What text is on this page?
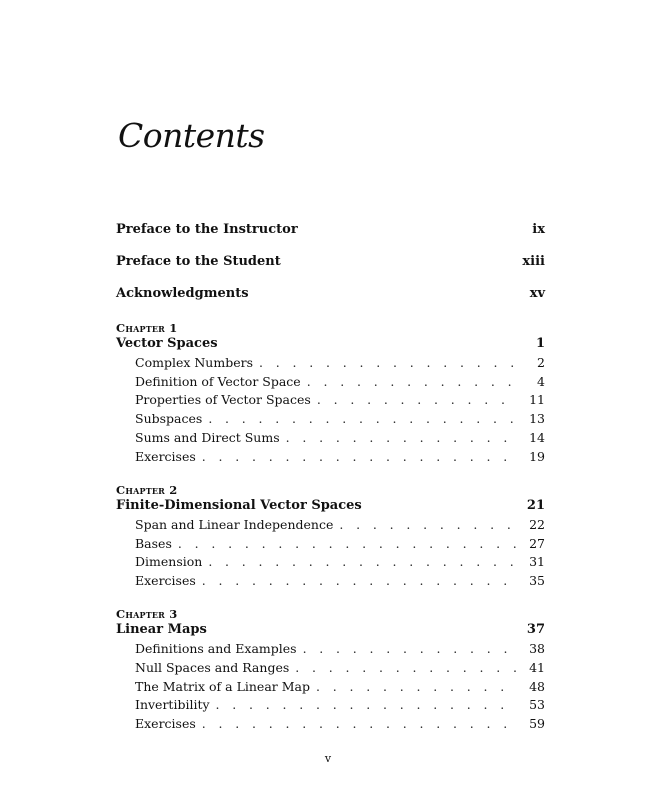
Contents
Preface to the Instructor	ix
Preface to the Student	xiii
Acknowledgments	xv
Chapter 1
Vector Spaces	1
Complex Numbers . . .	2
Definition of Vector Space . . .	4
Properties of Vector Spaces . . .	11
Subspaces . . .	13
Sums and Direct Sums . . .	14
Exercises . . .	19
Chapter 2
Finite-Dimensional Vector Spaces	21
Span and Linear Independence . . .	22
Bases . . .	27
Dimension . . .	31
Exercises . . .	35
Chapter 3
Linear Maps	37
Definitions and Examples . . .	38
Null Spaces and Ranges . . .	41
The Matrix of a Linear Map . . .	48
Invertibility . . .	53
Exercises . . .	59
v
